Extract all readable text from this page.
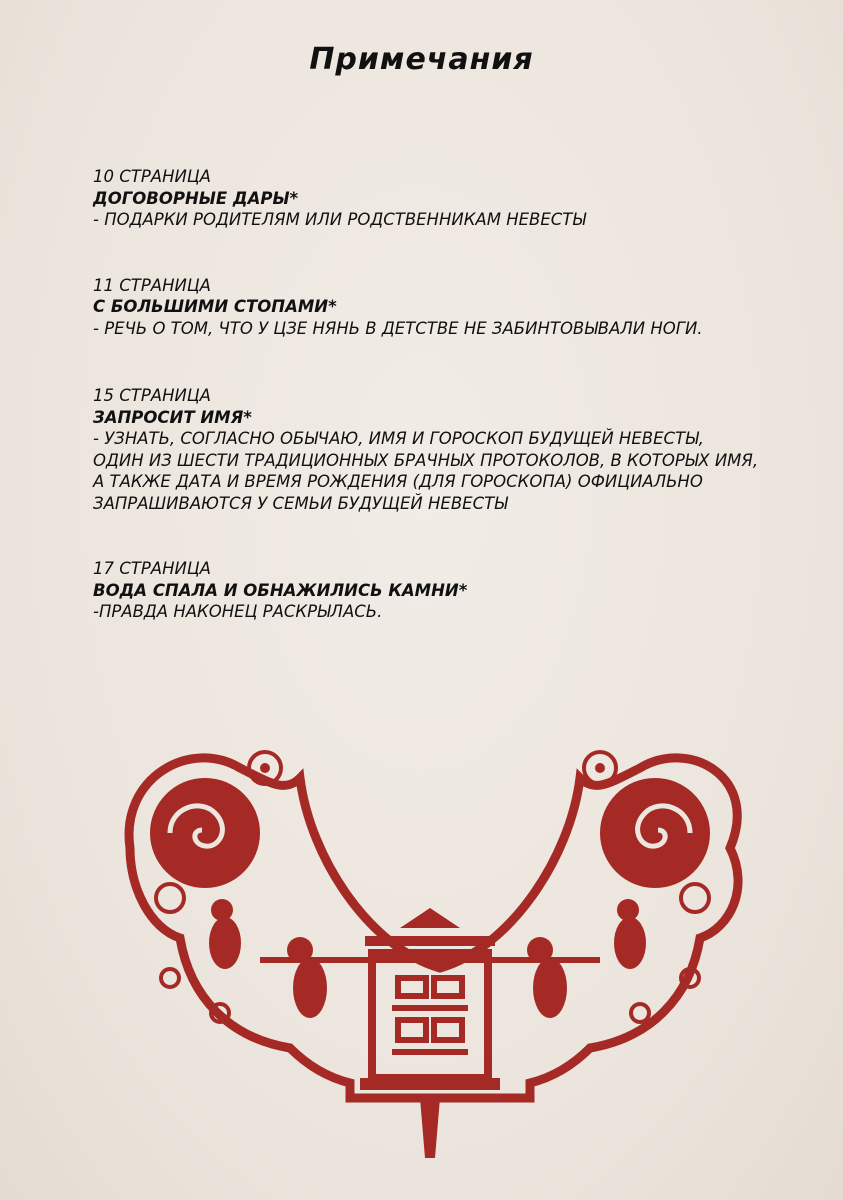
Примечания
10 СТРАНИЦА
ДОГОВОРНЫЕ ДАРЫ*
- ПОДАРКИ РОДИТЕЛЯМ ИЛИ РОДСТВЕННИКАМ НЕВЕСТЫ
11 СТРАНИЦА
С БОЛЬШИМИ СТОПАМИ*
- РЕЧЬ О ТОМ, ЧТО У ЦЗЕ НЯНЬ В ДЕТСТВЕ НЕ ЗАБИНТОВЫВАЛИ НОГИ.
15 СТРАНИЦА
ЗАПРОСИТ ИМЯ*
- УЗНАТЬ, СОГЛАСНО ОБЫЧАЮ, ИМЯ И ГОРОСКОП БУДУЩЕЙ НЕВЕСТЫ,
ОДИН ИЗ ШЕСТИ ТРАДИЦИОННЫХ БРАЧНЫХ ПРОТОКОЛОВ, В КОТОРЫХ ИМЯ,
А ТАКЖЕ ДАТА И ВРЕМЯ РОЖДЕНИЯ (ДЛЯ ГОРОСКОПА) ОФИЦИАЛЬНО
ЗАПРАШИВАЮТСЯ У СЕМЬИ БУДУЩЕЙ НЕВЕСТЫ
17 СТРАНИЦА
ВОДА СПАЛА И ОБНАЖИЛИСЬ КАМНИ*
-ПРАВДА НАКОНЕЦ РАСКРЫЛАСЬ.
